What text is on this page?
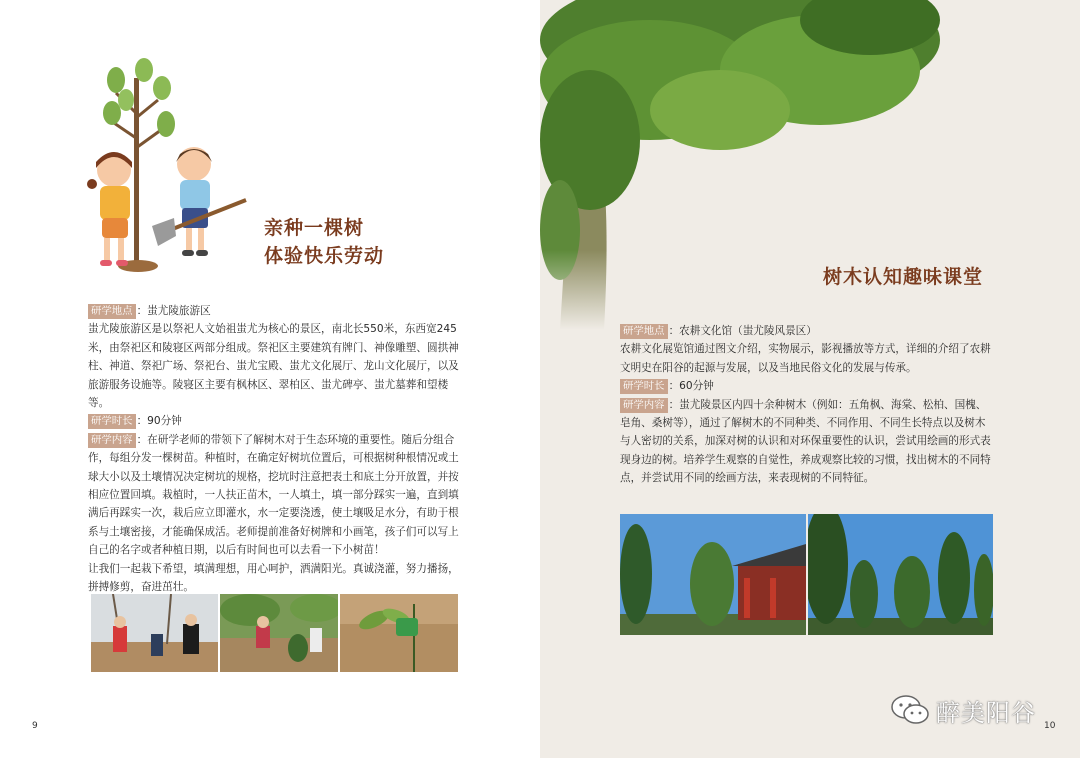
亲种一棵树
体验快乐劳动
研学地点 ：蚩尤陵旅游区
蚩尤陵旅游区是以祭祀人文始祖蚩尤为核心的景区，南北长550米，东西宽245米，由祭祀区和陵寝区两部分组成。祭祀区主要建筑有牌门、神像雕塑、圆拱神柱、神道、祭祀广场、祭祀台、蚩尤宝殿、蚩尤文化展厅、龙山文化展厅，以及旅游服务设施等。陵寝区主要有枫林区、翠柏区、蚩尤碑亭、蚩尤墓葬和望楼等。
研学时长 ：90分钟
研学内容 ：在研学老师的带领下了解树木对于生态环境的重要性。随后分组合作，每组分发一棵树苗。种植时，在确定好树坑位置后，可根据树种根情况或土球大小以及土壤情况决定树坑的规格，挖坑时注意把表土和底土分开放置，并按相应位置回填。栽植时，一人扶正苗木，一人填土，填一部分踩实一遍，直到填满后再踩实一次，栽后应立即灌水，水一定要浇透，使土壤吸足水分，有助于根系与土壤密接，才能确保成活。老师提前准备好树牌和小画笔，孩子们可以写上自己的名字或者种植日期，以后有时间也可以去看一下小树苗！
让我们一起栽下希望，填满理想，用心呵护，洒满阳光。真诚浇灌，努力播扬，拼搏修剪，奋进茁壮。
9
树木认知趣味课堂
研学地点 ：农耕文化馆（蚩尤陵风景区）
农耕文化展览馆通过图文介绍，实物展示，影视播放等方式，详细的介绍了农耕文明史在阳谷的起源与发展，以及当地民俗文化的发展与传承。
研学时长 ：60分钟
研学内容 ：蚩尤陵景区内四十余种树木（例如：五角枫、海棠、松柏、国槐、皂角、桑树等），通过了解树木的不同种类、不同作用、不同生长特点以及树木与人密切的关系，加深对树的认识和对环保重要性的认识，尝试用绘画的形式表现身边的树。培养学生观察的自觉性，养成观察比较的习惯，找出树木的不同特点，并尝试用不同的绘画方法，来表现树的不同特征。
10
醉美阳谷
